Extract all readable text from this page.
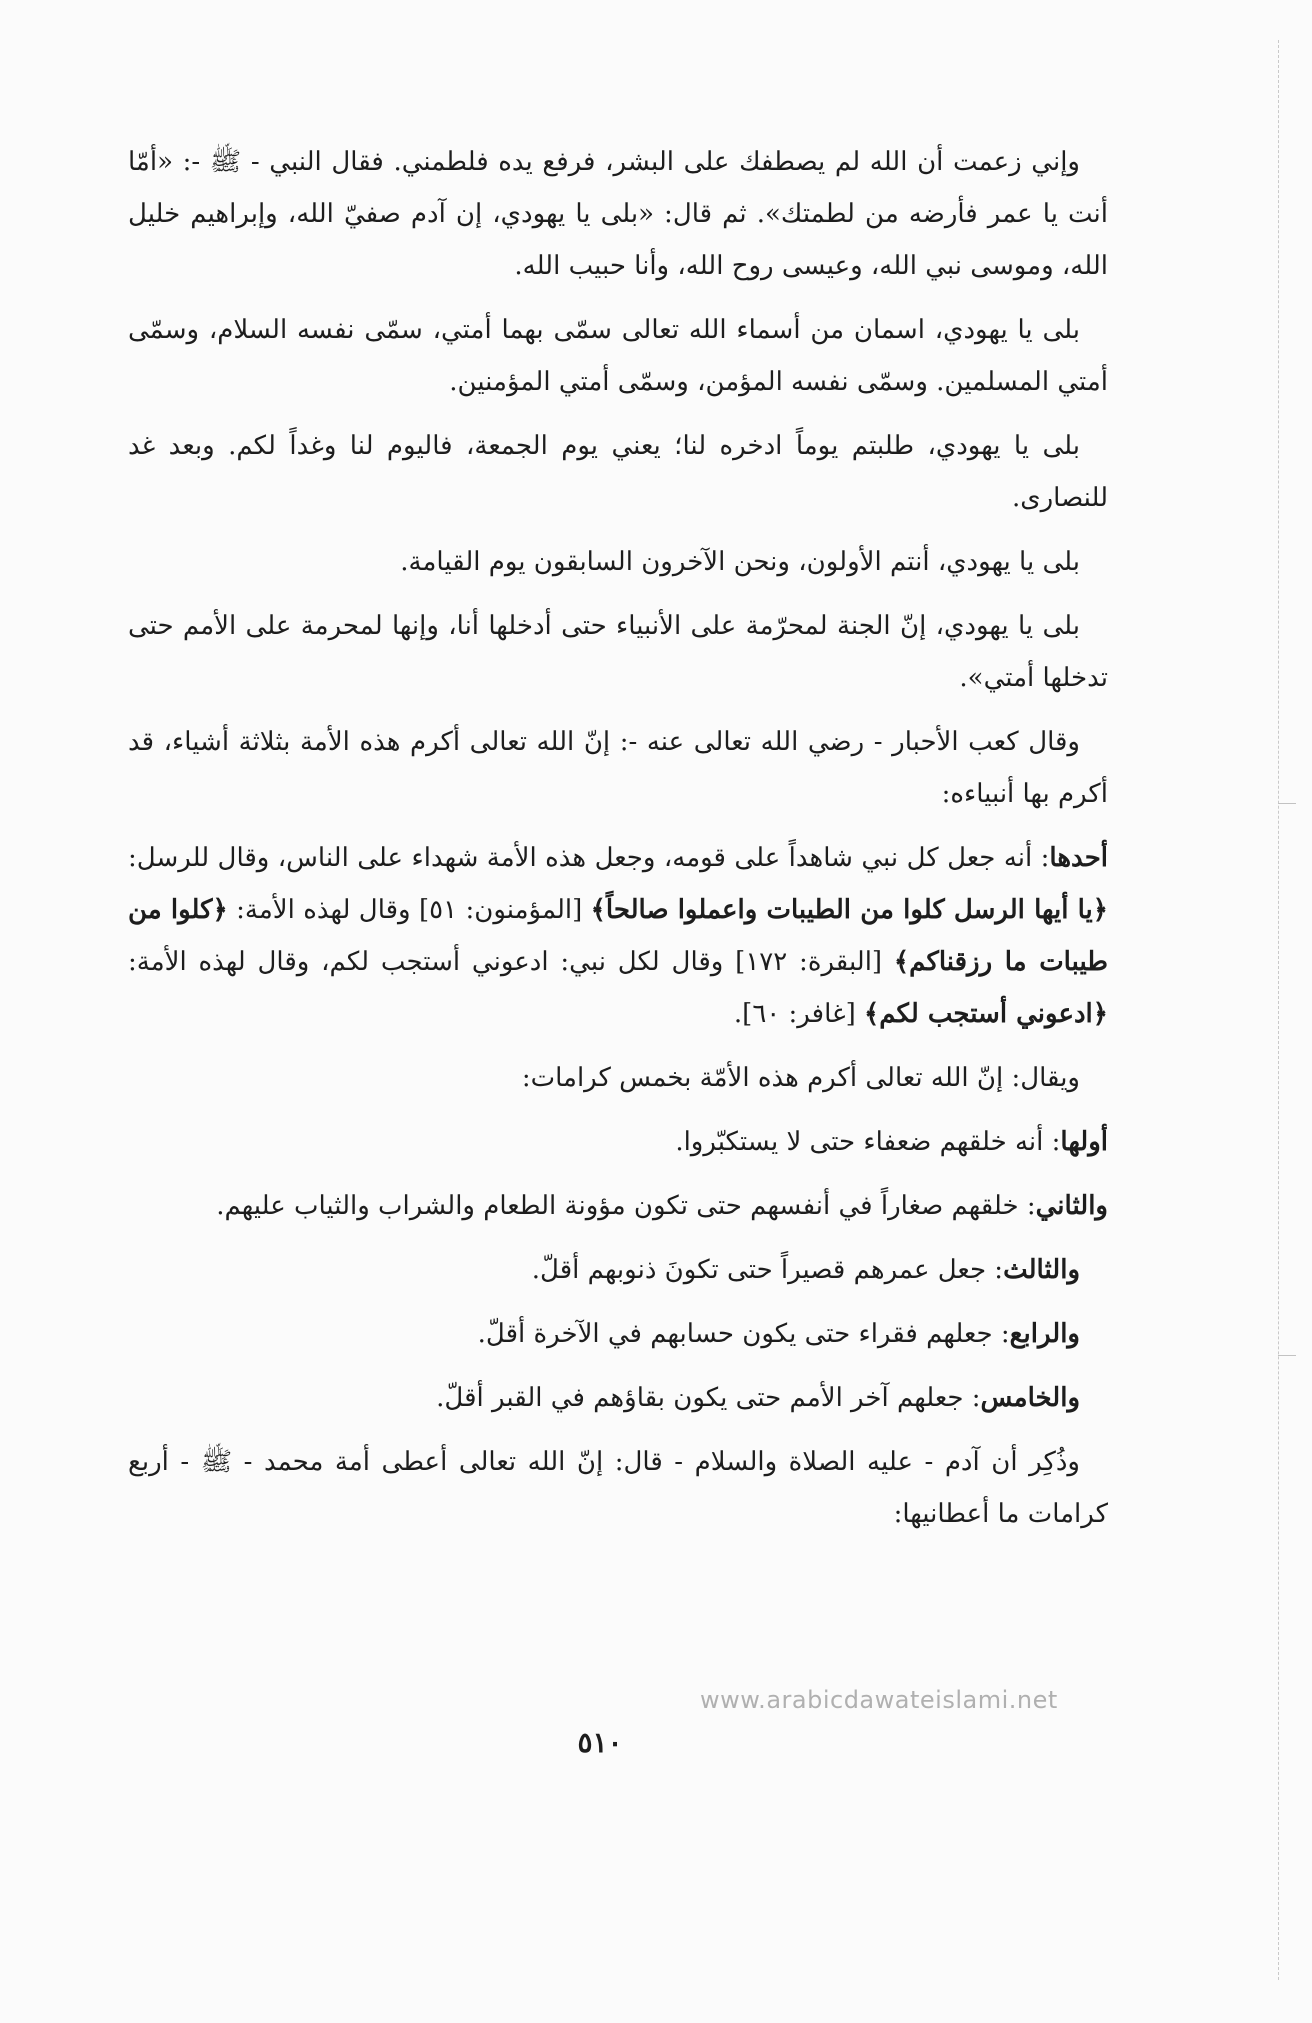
وإني زعمت أن الله لم يصطفك على البشر، فرفع يده فلطمني. فقال النبي - ﷺ -: «أمّا أنت يا عمر فأرضه من لطمتك». ثم قال: «بلى يا يهودي، إن آدم صفيّ الله، وإبراهيم خليل الله، وموسى نبي الله، وعيسى روح الله، وأنا حبيب الله.

بلى يا يهودي، اسمان من أسماء الله تعالى سمّى بهما أمتي، سمّى نفسه السلام، وسمّى أمتي المسلمين. وسمّى نفسه المؤمن، وسمّى أمتي المؤمنين.

بلى يا يهودي، طلبتم يوماً ادخره لنا؛ يعني يوم الجمعة، فاليوم لنا وغداً لكم. وبعد غد للنصارى.

بلى يا يهودي، أنتم الأولون، ونحن الآخرون السابقون يوم القيامة.

بلى يا يهودي، إنّ الجنة لمحرّمة على الأنبياء حتى أدخلها أنا، وإنها لمحرمة على الأمم حتى تدخلها أمتي».

وقال كعب الأحبار - رضي الله تعالى عنه -: إنّ الله تعالى أكرم هذه الأمة بثلاثة أشياء، قد أكرم بها أنبياءه:

أحدها: أنه جعل كل نبي شاهداً على قومه، وجعل هذه الأمة شهداء على الناس، وقال للرسل: ﴿يا أيها الرسل كلوا من الطيبات واعملوا صالحاً﴾ [المؤمنون: ٥١] وقال لهذه الأمة: ﴿كلوا من طيبات ما رزقناكم﴾ [البقرة: ١٧٢] وقال لكل نبي: ادعوني أستجب لكم، وقال لهذه الأمة: ﴿ادعوني أستجب لكم﴾ [غافر: ٦٠].

ويقال: إنّ الله تعالى أكرم هذه الأمّة بخمس كرامات:

أولها: أنه خلقهم ضعفاء حتى لا يستكبّروا.

والثاني: خلقهم صغاراً في أنفسهم حتى تكون مؤونة الطعام والشراب والثياب عليهم.

والثالث: جعل عمرهم قصيراً حتى تكونَ ذنوبهم أقلّ.

والرابع: جعلهم فقراء حتى يكون حسابهم في الآخرة أقلّ.

والخامس: جعلهم آخر الأمم حتى يكون بقاؤهم في القبر أقلّ.

وذُكِر أن آدم - عليه الصلاة والسلام - قال: إنّ الله تعالى أعطى أمة محمد - ﷺ - أربع كرامات ما أعطانيها:

www.arabicdawateislami.net
٥١٠
